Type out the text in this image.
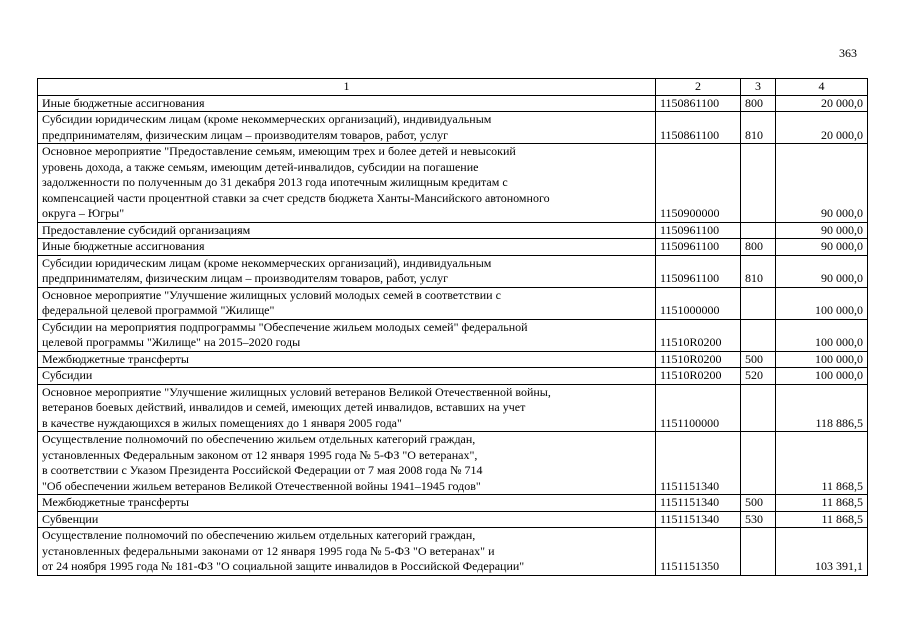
363
1	2	3	4
Иные бюджетные ассигнования	1150861100	800	20 000,0
Субсидии юридическим лицам (кроме некоммерческих организаций), индивидуальным
предпринимателям, физическим лицам – производителям товаров, работ, услуг	1150861100	810	20 000,0
Основное мероприятие "Предоставление семьям, имеющим трех и более детей и невысокий
уровень дохода, а также семьям, имеющим детей-инвалидов, субсидии на погашение
задолженности по полученным до 31 декабря 2013 года ипотечным жилищным кредитам с
компенсацией части процентной ставки за счет средств бюджета Ханты-Мансийского автономного
округа – Югры"	1150900000		90 000,0
Предоставление субсидий организациям	1150961100		90 000,0
Иные бюджетные ассигнования	1150961100	800	90 000,0
Субсидии юридическим лицам (кроме некоммерческих организаций), индивидуальным
предпринимателям, физическим лицам – производителям товаров, работ, услуг	1150961100	810	90 000,0
Основное мероприятие "Улучшение жилищных условий молодых семей в соответствии с
федеральной целевой программой "Жилище"	1151000000		100 000,0
Субсидии на мероприятия подпрограммы "Обеспечение жильем молодых семей" федеральной
целевой программы "Жилище" на 2015–2020 годы	11510R0200		100 000,0
Межбюджетные трансферты	11510R0200	500	100 000,0
Субсидии	11510R0200	520	100 000,0
Основное мероприятие "Улучшение жилищных условий ветеранов Великой Отечественной войны,
ветеранов боевых действий, инвалидов и семей, имеющих детей инвалидов, вставших на учет
в качестве нуждающихся в жилых помещениях до 1 января 2005 года"	1151100000		118 886,5
Осуществление полномочий по обеспечению жильем отдельных категорий граждан,
установленных Федеральным законом от 12 января 1995 года № 5-ФЗ "О ветеранах",
в соответствии с Указом Президента Российской Федерации от 7 мая 2008 года № 714
"Об обеспечении жильем ветеранов Великой Отечественной войны 1941–1945 годов"	1151151340		11 868,5
Межбюджетные трансферты	1151151340	500	11 868,5
Субвенции	1151151340	530	11 868,5
Осуществление полномочий по обеспечению жильем отдельных категорий граждан,
установленных федеральными законами от 12 января 1995 года № 5-ФЗ "О ветеранах" и
от 24 ноября 1995 года № 181-ФЗ "О социальной защите инвалидов в Российской Федерации"	1151151350		103 391,1
